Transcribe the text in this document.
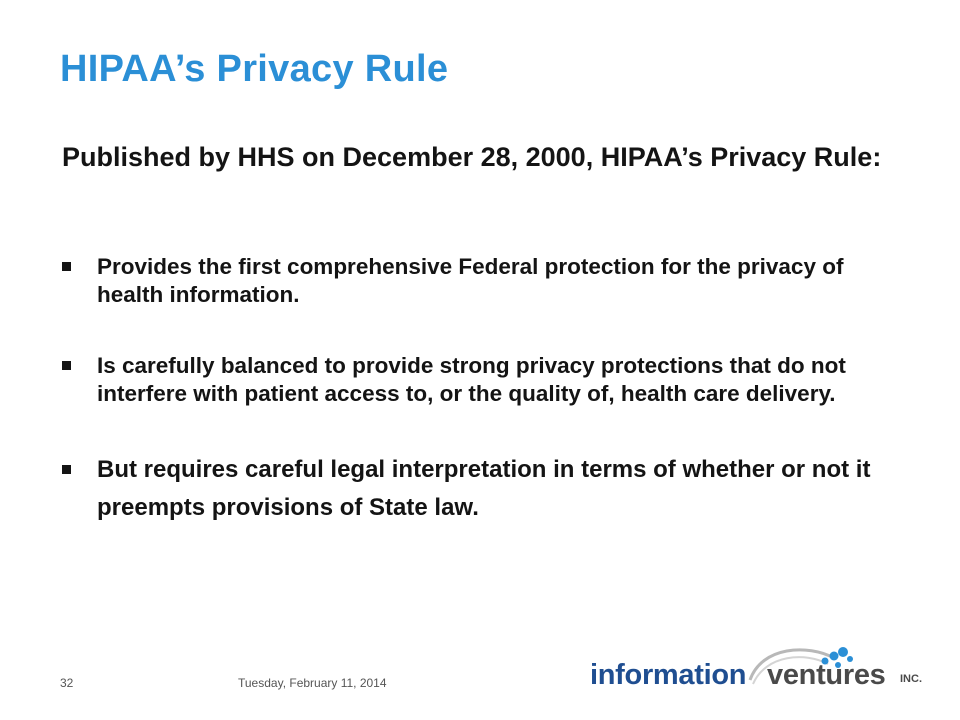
HIPAA’s Privacy Rule

Published by HHS on December 28, 2000, HIPAA’s Privacy Rule:

Provides the first comprehensive Federal protection for the privacy of health information.
Is carefully balanced to provide strong privacy protections that do not interfere with patient access to, or the quality of, health care delivery.
But requires careful legal interpretation in terms of whether or not it preempts provisions of State law.
32	Tuesday, February 11, 2014	information ventures INC.
